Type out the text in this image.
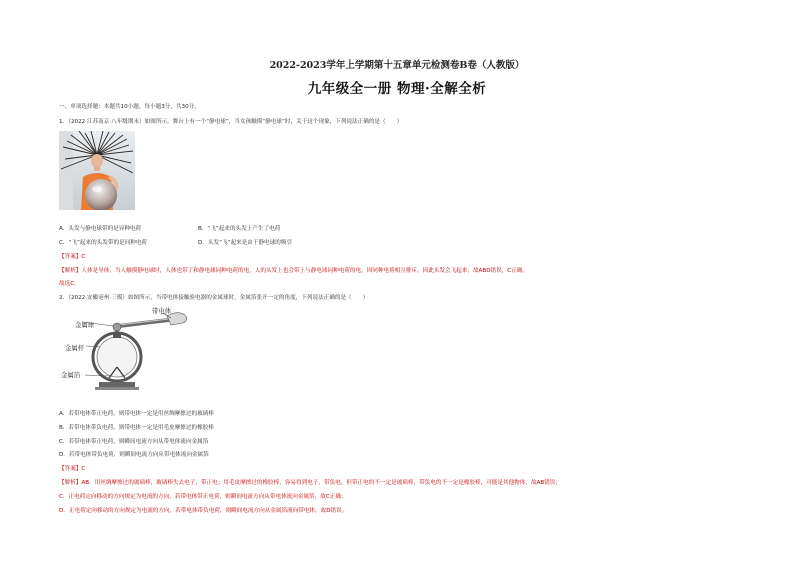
2022-2023学年上学期第十五章单元检测卷B卷（人教版）
九年级全一册 物理·全解全析
一、单项选择题：本题共10小题，每小题3分，共30分。
1．（2022·江苏南京·八年级期末）如图所示，舞台上有一个“静电球”，当女孩触摸“静电球”时，关于这个现象，下列说法正确的是（　　）
A．头发与静电球带的是异种电荷	B．“飞”起来的头发上产生了电荷
C．“飞”起来的头发带的是同种电荷	D．头发“飞”起来是由于静电球的吸引
【答案】C
【解析】人体是导体，当人触摸静电球时，人体也带了和静电球同种电荷的电，人的头发上也会带上与静电球同种电荷的电，因同种电荷相互排斥，因此头发会飞起来，故ABD错误，C正确。
故选C。
2．（2022·安徽亳州·三模）如图所示，当带电体接触验电器的金属球时，金属箔张开一定的角度，下列说法正确的是（　　）
金属球
金属杆
金属箔
带电体
A．若带电体带正电荷，则带电体一定是用丝绸摩擦过的玻璃棒
B．若带电体带负电荷，则带电体一定是用毛皮摩擦过的橡胶棒
C．若带电体带正电荷，则瞬间电流方向从带电体流向金属箔
D．若带电体带负电荷，则瞬间电流方向从带电体流向金属箔
【答案】C
【解析】AB．用丝绸摩擦过的玻璃棒，玻璃棒失去电子，带正电；用毛皮摩擦过的橡胶棒，容易得到电子，带负电，但带正电的不一定是玻璃棒，带负电的不一定是橡胶棒，可能是其他物体，故AB错误；
C．正电荷定向移动的方向规定为电流的方向，若带电体带正电荷，则瞬间电流方向从带电体流向金属箔，故C正确；
D．正电荷定向移动的方向规定为电流的方向，若带电体带负电荷，则瞬间电流方向从金属箔流向带电体，故D错误。
